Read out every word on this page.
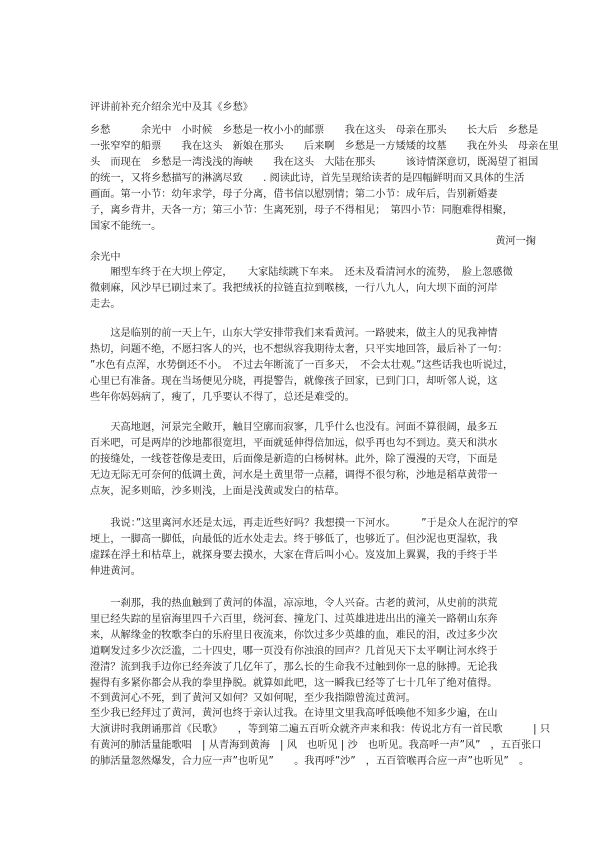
评讲前补充介绍余光中及其《乡愁》
乡愁　　　余光中　小时候　乡愁是一枚小小的邮票　　我在这头　母亲在那头　　长大后　乡愁是
一张窄窄的船票　　我在这头　新娘在那头　　后来啊　乡愁是一方矮矮的坟墓　　我在外头　母亲在里
头　而现在　乡愁是一湾浅浅的海峡　　我在这头　大陆在那头　　　该诗情深意切，既渴望了祖国
的统一，又将乡愁描写的淋漓尽致　　. 阅读此诗，首先呈现给读者的是四幅鲜明而又具体的生活
画面。第一小节：幼年求学，母子分离，借书信以慰别情；第二小节：成年后，告别新婚妻
子，离乡背井，天各一方；第三小节：生离死别，母子不得相见；　第四小节：同胞难得相聚，
国家不能统一。
黄河一掬
余光中
　　厢型车终于在大坝上停定，　　大家陆续跳下车来。　还未及看清河水的流势，　脸上忽感微
微刺麻，风沙早已刷过来了。我把绒袄的拉链直拉到喉核，一行八九人，向大坝下面的河岸
走去。
　　这是临别的前一天上午，山东大学安排带我们来看黄河。一路驶来，做主人的见我神情
热切，问题不绝，不愿扫客人的兴，也不想纵容我期待太奢，只平实地回答，最后补了一句：
”水色有点浑，水势倒还不小。　不过去年断流了一百多天，　不会太壮观。”这些话我也听说过，
心里已有准备。现在当场便见分晓，再提警告，就像孩子回家，已到门口，却听邻人说，这
些年你妈妈病了，瘦了，几乎要认不得了，总还是难受的。
　　天高地迥，河景完全敞开，触目空廓而寂寥，几乎什么也没有。河面不算很阔，最多五
百米吧，可是两岸的沙地都很宽坦，平面就延伸得倍加远，似乎再也勾不到边。莫天和洪水
的接缝处，一线苍苍像是麦田，后面像是新造的白杨树林。此外，除了漫漫的天穹，下面是
无边无际无可奈何的低调土黄，河水是土黄里带一点赭，调得不很匀称，沙地是稻草黄带一
点灰，泥多则暗，沙多则浅，上面是浅黄或发白的枯草。
　　我说：”这里离河水还是太远，再走近些好吗？我想摸一下河水。　　　”于是众人在泥泞的窄
埂上，一脚高一脚低，向最低的近水处走去。终于够低了，也够近了。但沙泥也更湿软，我
虚踩在浮土和枯草上，就探身要去摸水，大家在背后叫小心。岌岌加上翼翼，我的手终于半
伸进黄河。
　　一刹那，我的热血触到了黄河的体温，凉凉地，令人兴奋。古老的黄河，从史前的洪荒
里已经失踪的星宿海里四千六百里，绕河套、撞龙门、过英雄进进出出的潼关一路朝山东奔
来，从解缘金的牧歌李白的乐府里日夜流来，你饮过多少英雄的血，难民的泪，改过多少次
道啊发过多少次泛滥，二十四史，哪一页没有你浊浪的回声？几首见天下太平啊让河水终于
澄清？流到我手边你已经奔波了几亿年了，那么长的生命我不过触到你一息的脉搏。无论我
握得有多紧你都会从我的拳里挣脱。就算如此吧，这一瞬我已经等了七十几年了绝对值得。
不到黄河心不死，到了黄河又如何？又如何呢，至少我指隙曾流过黄河。
至少我已经拜过了黄河，黄河也终于亲认过我。在诗里文里我高呼低唤他不知多少遍，在山
大演讲时我朗诵那首《民歌》　　，等到第二遍五百听众就齐声来和我：传说北方有一首民歌　　　| 只
有黄河的肺活量能歌唱　| 从青海到黄海　| 风　也听见 | 沙　也听见。我高呼一声”风”　，五百张口
的肺活量忽然爆发，合力应一声”也听见”　　。我再呼”沙”　，五百管喉再合应一声”也听见”　。
